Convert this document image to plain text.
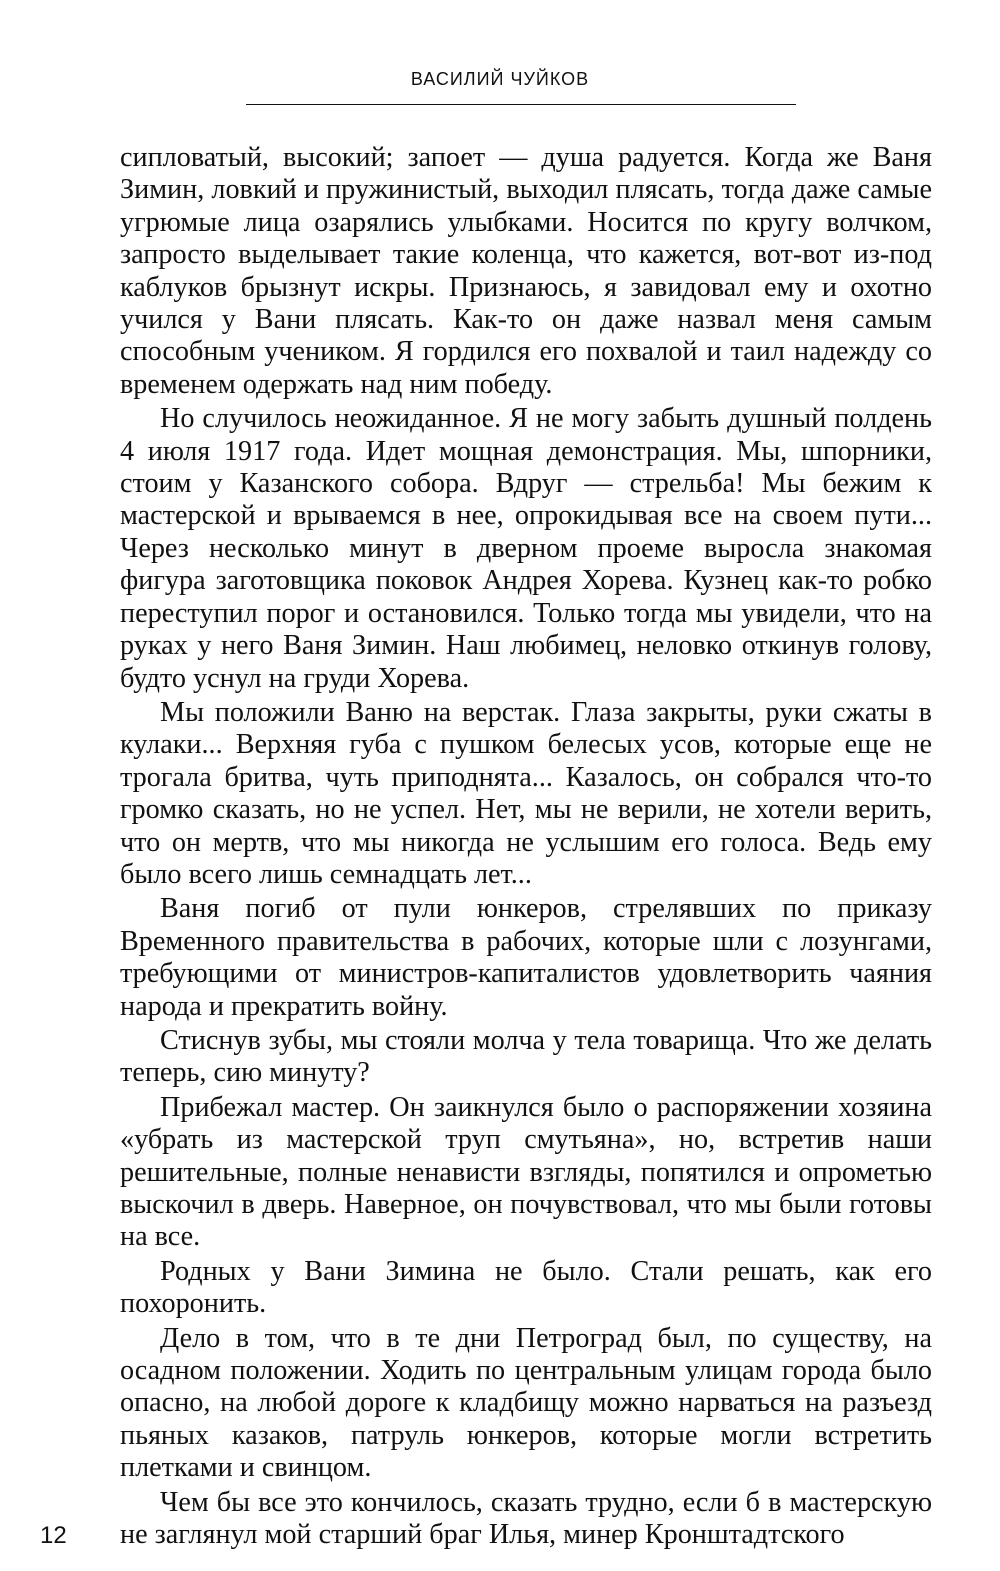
ВАСИЛИЙ ЧУЙКОВ

сипловатый, высокий; запоет — душа радуется. Когда же Ваня Зимин, ловкий и пружинистый, выходил плясать, тогда даже самые угрюмые лица озарялись улыбками. Носится по кругу волчком, запросто выделывает такие коленца, что кажется, вот-вот из-под каблуков брызнут искры. Признаюсь, я завидовал ему и охотно учился у Вани плясать. Как-то он даже назвал меня самым способным учеником. Я гордился его похвалой и таил надежду со временем одержать над ним победу.

Но случилось неожиданное. Я не могу забыть душный полдень 4 июля 1917 года. Идет мощная демонстрация. Мы, шпорники, стоим у Казанского собора. Вдруг — стрельба! Мы бежим к мастерской и врываемся в нее, опрокидывая все на своем пути... Через несколько минут в дверном проеме выросла знакомая фигура заготовщика поковок Андрея Хорева. Кузнец как-то робко переступил порог и остановился. Только тогда мы увидели, что на руках у него Ваня Зимин. Наш любимец, неловко откинув голову, будто уснул на груди Хорева.

Мы положили Ваню на верстак. Глаза закрыты, руки сжаты в кулаки... Верхняя губа с пушком белесых усов, которые еще не трогала бритва, чуть приподнята... Казалось, он собрался что-то громко сказать, но не успел. Нет, мы не верили, не хотели верить, что он мертв, что мы никогда не услышим его голоса. Ведь ему было всего лишь семнадцать лет...

Ваня погиб от пули юнкеров, стрелявших по приказу Временного правительства в рабочих, которые шли с лозунгами, требующими от министров-капиталистов удовлетворить чаяния народа и прекратить войну.

Стиснув зубы, мы стояли молча у тела товарища. Что же делать теперь, сию минуту?

Прибежал мастер. Он заикнулся было о распоряжении хозяина «убрать из мастерской труп смутьяна», но, встретив наши решительные, полные ненависти взгляды, попятился и опрометью выскочил в дверь. Наверное, он почувствовал, что мы были готовы на все.

Родных у Вани Зимина не было. Стали решать, как его похоронить.

Дело в том, что в те дни Петроград был, по существу, на осадном положении. Ходить по центральным улицам города было опасно, на любой дороге к кладбищу можно нарваться на разъезд пьяных казаков, патруль юнкеров, которые могли встретить плетками и свинцом.

Чем бы все это кончилось, сказать трудно, если б в мастерскую не заглянул мой старший браг Илья, минер Кронштадтского

12
